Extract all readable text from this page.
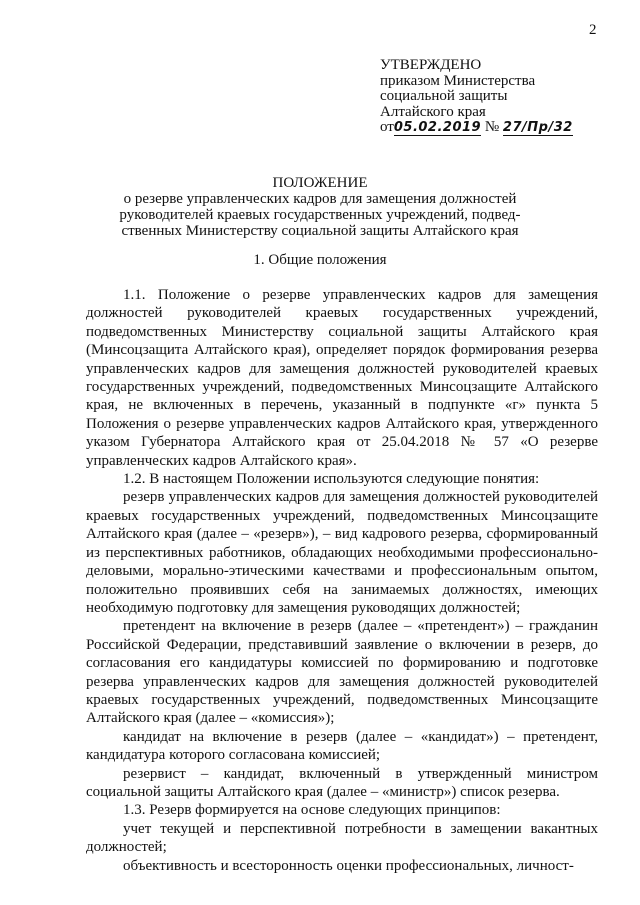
2
УТВЕРЖДЕНО
приказом Министерства
социальной защиты
Алтайского края
от05.02.2019 № 27/Пр/32
ПОЛОЖЕНИЕ
о резерве управленческих кадров для замещения должностей
руководителей краевых государственных учреждений, подвед-
ственных Министерству социальной защиты Алтайского края
1. Общие положения

1.1. Положение о резерве управленческих кадров для замещения должностей руководителей краевых государственных учреждений, подведомственных Министерству социальной защиты Алтайского края (Минсоцзащита Алтайского края), определяет порядок формирования резерва управленческих кадров для замещения должностей руководителей краевых государственных учреждений, подведомственных Минсоцзащите Алтайского края, не включенных в перечень, указанный в подпункте «г» пункта 5 Положения о резерве управленческих кадров Алтайского края, утвержденного указом Губернатора Алтайского края от 25.04.2018 № 57 «О резерве управленческих кадров Алтайского края».

1.2. В настоящем Положении используются следующие понятия:

резерв управленческих кадров для замещения должностей руководителей краевых государственных учреждений, подведомственных Минсоцзащите Алтайского края (далее – «резерв»), – вид кадрового резерва, сформированный из перспективных работников, обладающих необходимыми профессионально-деловыми, морально-этическими качествами и профессиональным опытом, положительно проявивших себя на занимаемых должностях, имеющих необходимую подготовку для замещения руководящих должностей;

претендент на включение в резерв (далее – «претендент») – гражданин Российской Федерации, представивший заявление о включении в резерв, до согласования его кандидатуры комиссией по формированию и подготовке резерва управленческих кадров для замещения должностей руководителей краевых государственных учреждений, подведомственных Минсоцзащите Алтайского края (далее – «комиссия»);

кандидат на включение в резерв (далее – «кандидат») – претендент, кандидатура которого согласована комиссией;

резервист – кандидат, включенный в утвержденный министром социальной защиты Алтайского края (далее – «министр») список резерва.

1.3. Резерв формируется на основе следующих принципов:

учет текущей и перспективной потребности в замещении вакантных должностей;

объективность и всесторонность оценки профессиональных, личност-
